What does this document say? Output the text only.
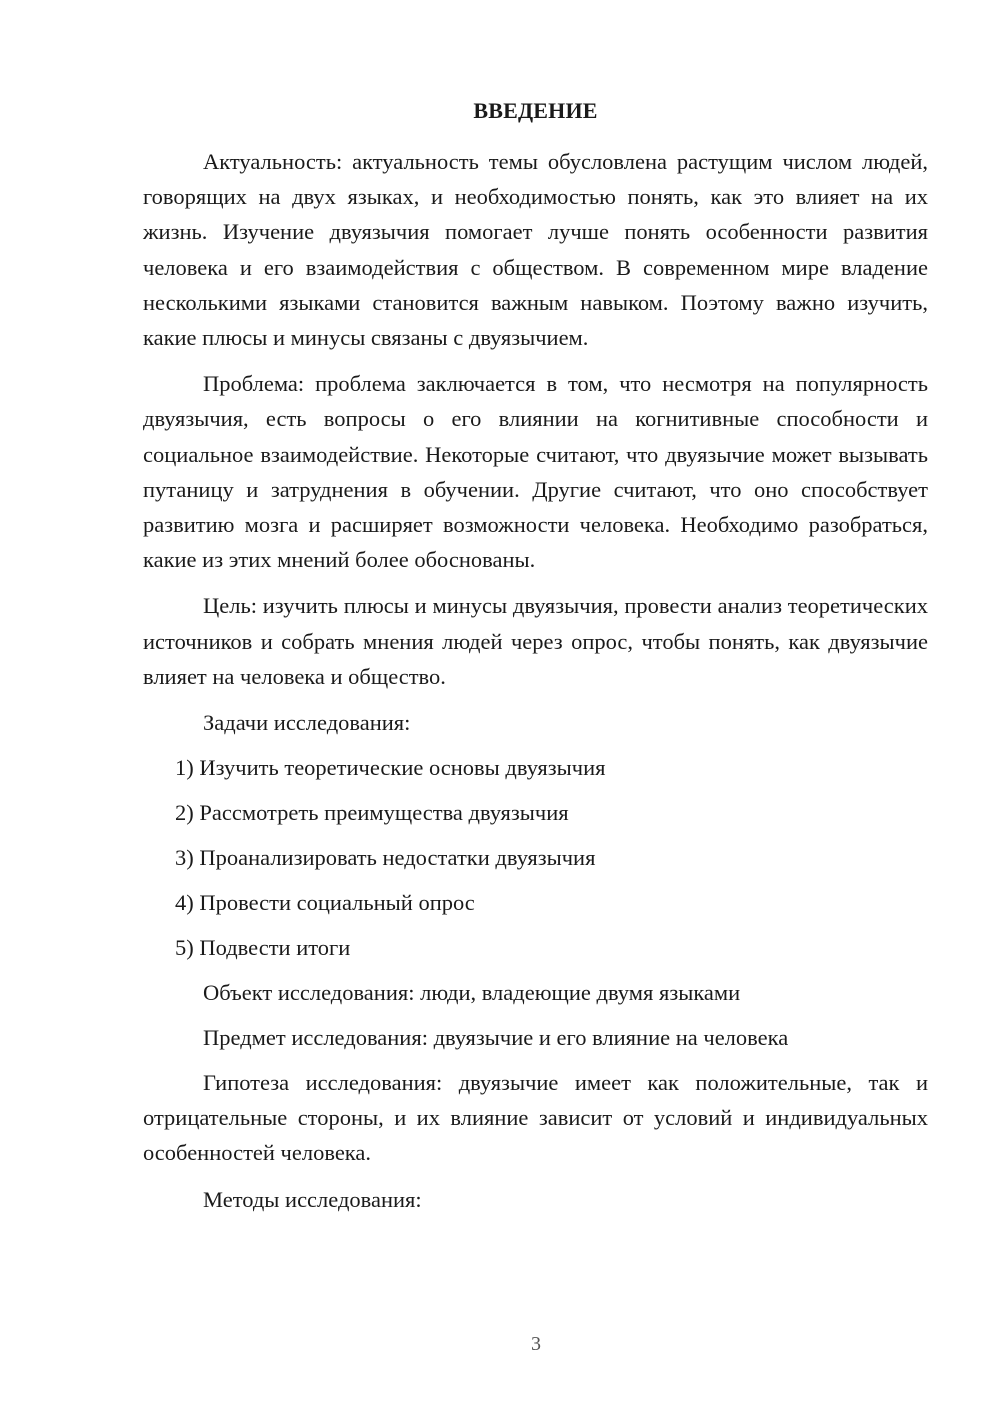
ВВЕДЕНИЕ

Актуальность: актуальность темы обусловлена растущим числом людей, говорящих на двух языках, и необходимостью понять, как это влияет на их жизнь. Изучение двуязычия помогает лучше понять особенности развития человека и его взаимодействия с обществом. В современном мире владение несколькими языками становится важным навыком. Поэтому важно изучить, какие плюсы и минусы связаны с двуязычием.

Проблема: проблема заключается в том, что несмотря на популярность двуязычия, есть вопросы о его влиянии на когнитивные способности и социальное взаимодействие. Некоторые считают, что двуязычие может вызывать путаницу и затруднения в обучении. Другие считают, что оно способствует развитию мозга и расширяет возможности человека. Необходимо разобраться, какие из этих мнений более обоснованы.

Цель: изучить плюсы и минусы двуязычия, провести анализ теоретических источников и собрать мнения людей через опрос, чтобы понять, как двуязычие влияет на человека и общество.

Задачи исследования:

1) Изучить теоретические основы двуязычия
2) Рассмотреть преимущества двуязычия
3) Проанализировать недостатки двуязычия
4) Провести социальный опрос
5) Подвести итоги

Объект исследования: люди, владеющие двумя языками

Предмет исследования: двуязычие и его влияние на человека

Гипотеза исследования: двуязычие имеет как положительные, так и отрицательные стороны, и их влияние зависит от условий и индивидуальных особенностей человека.

Методы исследования:

3
